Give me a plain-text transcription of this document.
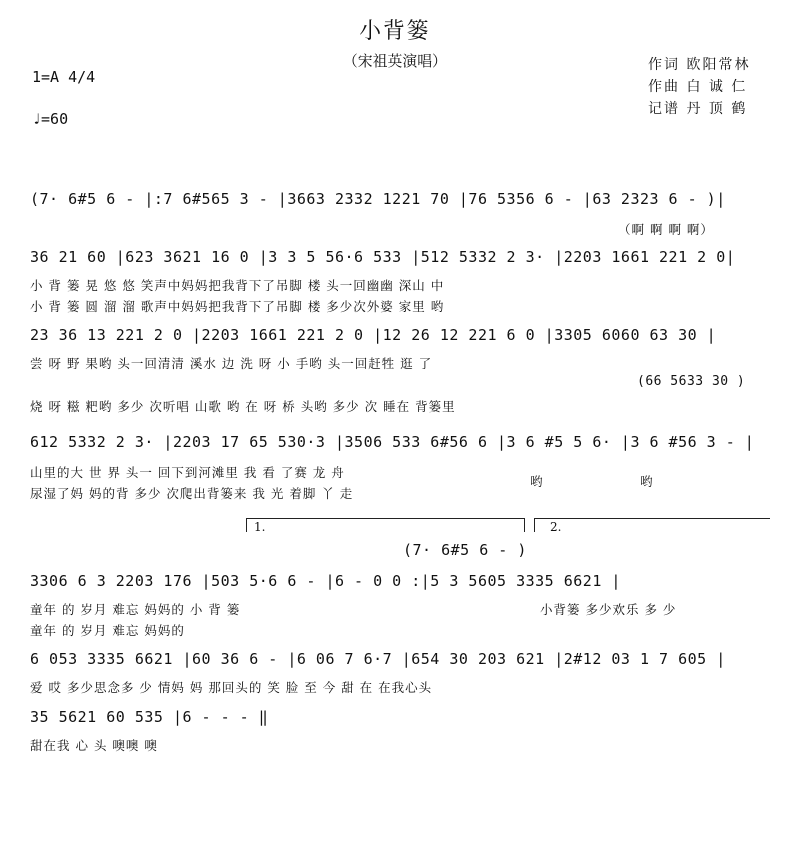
小背篓
（宋祖英演唱）
1=A 4/4
♩=60
作词 欧阳常林
作曲 白 诚 仁
记谱 丹 顶 鹤
(7· 6#5 6 - |:7 6#565 3 - |3663 2332 1221 70 |76 5356 6 - |63 2323 6 - )|
（啊 啊 啊 啊）
36 21 60 |623 3621 16 0 |3 3 5 56·6 533 |512 5332 2 3· |2203 1661 221 2 0|
小 背 篓 晃 悠 悠 笑声中妈妈把我背下了吊脚 楼 头一回幽幽 深山 中
小 背 篓 圆 溜 溜 歌声中妈妈把我背下了吊脚 楼 多少次外婆 家里 哟
23 36 13 221 2 0 |2203 1661 221 2 0 |12 26 12 221 6 0 |3305 6060 63 30 |
尝 呀 野 果哟 头一回清清 溪水 边 洗 呀 小 手哟 头一回赶牲 逛 了
(66 5633 30 )
烧 呀 糍 粑哟 多少 次听唱 山歌 哟 在 呀 桥 头哟 多少 次 睡在 背篓里
612 5332 2 3· |2203 17 65 530·3 |3506 533 6#56 6 |3 6 #5 5 6· |3 6 #56 3 - |
山里的大 世 界 头一 回下到河滩里 我 看 了赛 龙 舟
尿湿了妈 妈的背 多少 次爬出背篓来 我 光 着脚 丫 走
哟	哟
1.	2.
(7· 6#5 6 - )
3306 6 3 2203 176 |503 5·6 6 - |6 - 0 0 :|5 3 5605 3335 6621 |
童年 的 岁月 难忘 妈妈的 小 背 篓	小背篓 多少欢乐 多 少
童年 的 岁月 难忘 妈妈的
6 053 3335 6621 |60 36 6 - |6 06 7 6·7 |654 30 203 621 |2#12 03 1 7 605 |
爱 哎 多少思念多 少 情妈 妈 那回头的 笑 脸 至 今 甜 在 在我心头
35 5621 60 535 |6 - - - ‖
甜在我 心 头 噢噢 噢
